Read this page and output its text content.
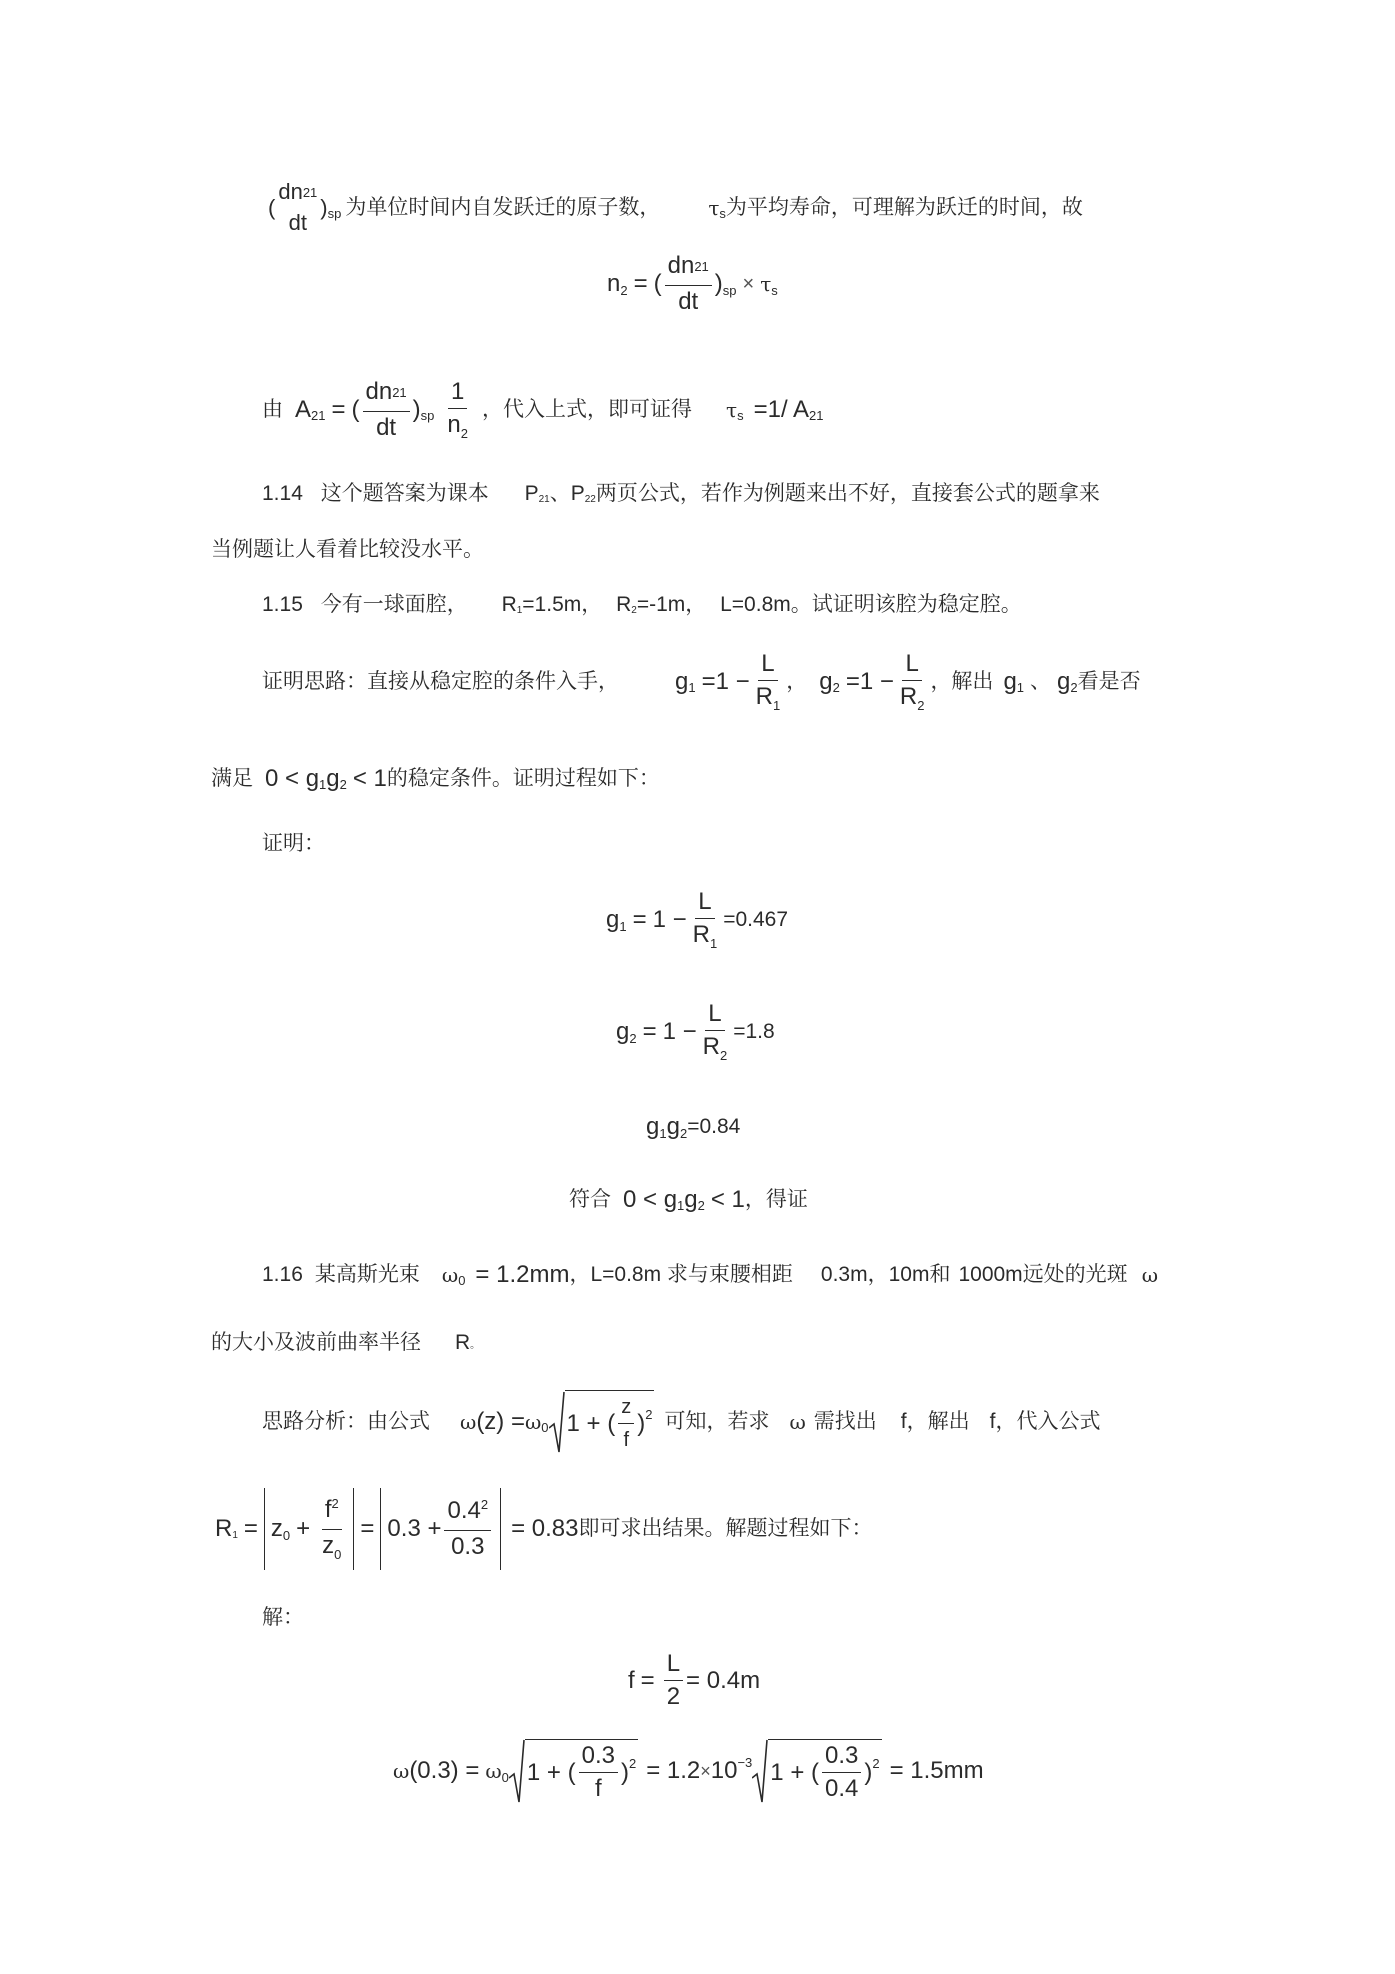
(
dn21
dt
) sp 为单位时间内自发跃迁的原子数， τ s 为平均寿命，可理解为跃迁的时间，故
n 2 = ( $\frac{dn21}{dt}$ ) sp × τ s
由 A 21 = ( $\frac{dn21}{dt}$ ) sp $\frac{1}{n_2}$ ，代入上式，即可证得 τ s =1/ A 21
1.14 这个题答案为课本 P21、P22两页公式，若作为例题来出不好，直接套公式的题拿来
当例题让人看着比较没水平。
1.15 今有一球面腔， R1=1.5m， R2=-1m， L=0.8m。试证明该腔为稳定腔。
证明思路：直接从稳定腔的条件入手， g $1 =1 - \frac{L}{R_1}$ ， g $2 =1 - \frac{L}{R_2}$ ，解出 g 1 、 g 2 看是否
满足 0 < g 1 g 2 < 1 的稳定条件。证明过程如下：
证明：
g $1 = 1 - \frac{L}{R_1} =0.467$
g $2 = 1 - \frac{L}{R_2} =1.8$
g 1 g 2 =0.84
符合 0 < g 1 g 2 < 1 ，得证
1.16 某高斯光束 ω 0 = 1.2mm ，L=0.8m 求与束腰相距 0.3m，10m和 1000m远处的光斑 ω
的大小及波前曲率半径 R 。
思路分析：由公式 ω (z) = ω 0 1 + ( $\frac{z}{f}$ ) 2 可知，若求 ω 需找出 f ，解出 f ，代入公式
R 1 = z $0 + \frac{f^2}{z_0} = 0.3 + \frac{0.4^2}{0.3} = 0.83$ 即可求出结果。解题过程如下：
解：
$f = \frac{L}{2} = 0.4m$
ω (0.3) = ω 0 1 + ( $\frac{0.3}{f}$ ) 2 = 1.2 × 10 −3 1 + ( $\frac{0.3}{0.4}$ ) 2 = 1.5mm
